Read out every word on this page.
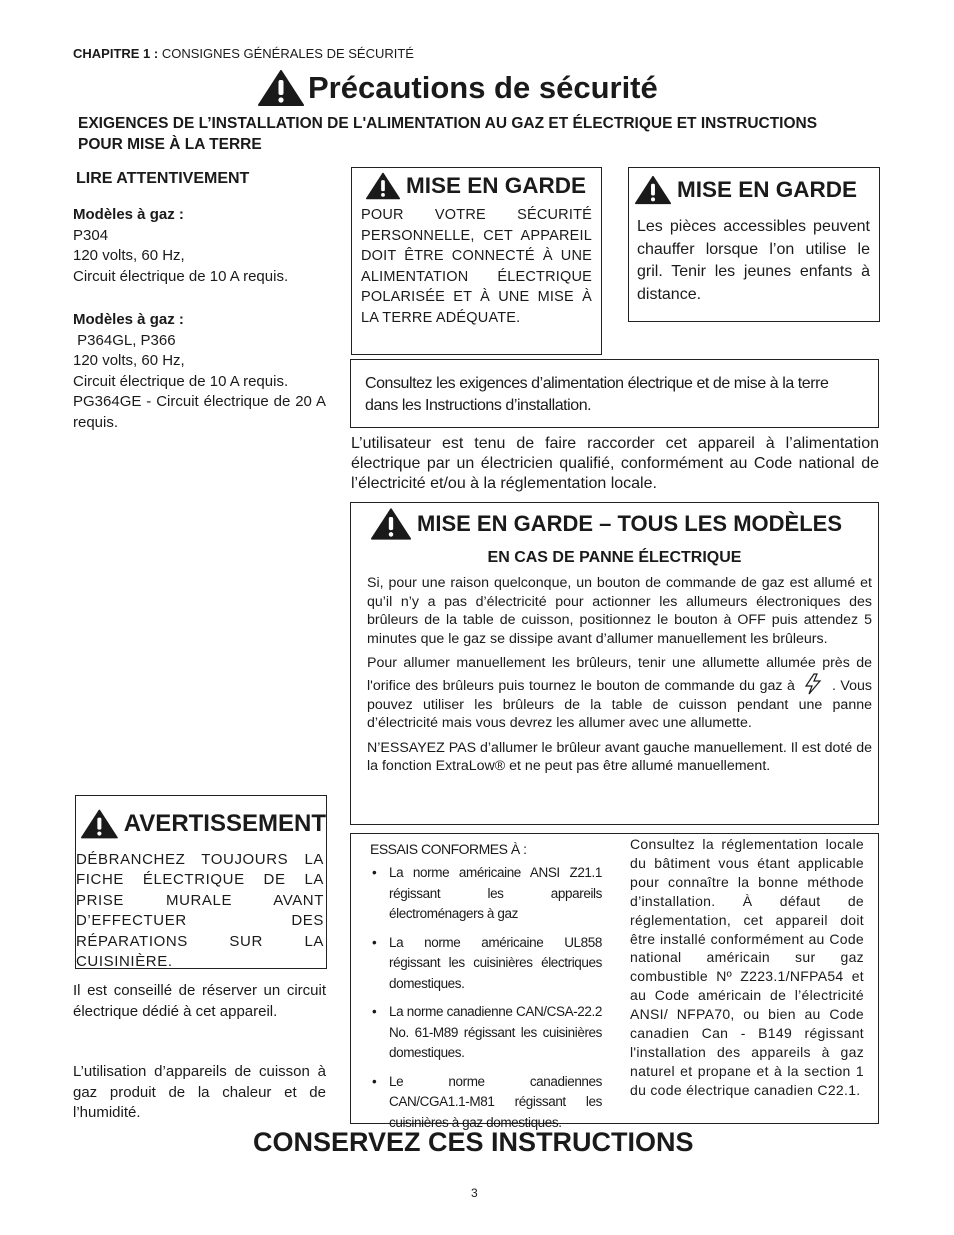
CHAPITRE 1 : CONSIGNES GÉNÉRALES DE SÉCURITÉ
Précautions de sécurité
EXIGENCES DE L’INSTALLATION DE L'ALIMENTATION AU GAZ ET ÉLECTRIQUE ET INSTRUCTIONS POUR MISE À LA TERRE
LIRE ATTENTIVEMENT
Modèles à gaz :
P304
120 volts, 60 Hz,
Circuit électrique de 10 A requis.
Modèles à gaz :
P364GL, P366
120 volts, 60 Hz,
Circuit électrique de 10 A requis.
PG364GE - Circuit électrique de 20 A requis.
AVERTISSEMENT
DÉBRANCHEZ TOUJOURS LA FICHE ÉLECTRIQUE DE LA PRISE MURALE AVANT D’EFFECTUER DES RÉPARATIONS SUR LA CUISINIÈRE.
Il est conseillé de réserver un circuit électrique dédié à cet appareil.
L’utilisation d’appareils de cuisson à gaz produit de la chaleur et de l’humidité.
MISE EN GARDE
POUR VOTRE SÉCURITÉ PERSONNELLE, CET APPAREIL DOIT ÊTRE CONNECTÉ À UNE ALIMENTATION ÉLECTRIQUE POLARISÉE ET À UNE MISE À LA TERRE ADÉQUATE.
MISE EN GARDE
Les pièces accessibles peuvent chauffer lorsque l’on utilise le gril. Tenir les jeunes enfants à distance.
Consultez les exigences d’alimentation électrique et de mise à la terre dans les Instructions d’installation.
L’utilisateur est tenu de faire raccorder cet appareil à l’alimentation électrique par un électricien qualifié, conformément au Code national de l’électricité et/ou à la réglementation locale.
MISE EN GARDE – TOUS LES MODÈLES
EN CAS DE PANNE ÉLECTRIQUE
Si, pour une raison quelconque, un bouton de commande de gaz est allumé et qu’il n’y a pas d’électricité pour actionner les allumeurs électroniques des brûleurs de la table de cuisson, positionnez le bouton à OFF puis attendez 5 minutes que le gaz se dissipe avant d’allumer manuellement les brûleurs.
Pour allumer manuellement les brûleurs, tenir une allumette allumée près de l'orifice des brûleurs puis tournez le bouton de commande du gaz à	. Vous pouvez utiliser les brûleurs de la table de cuisson pendant une panne d’électricité mais vous devrez les allumer avec une allumette.
N’ESSAYEZ PAS d’allumer le brûleur avant gauche manuellement. Il est doté de la fonction ExtraLow® et ne peut pas être allumé manuellement.
ESSAIS CONFORMES À :
• La norme américaine ANSI Z21.1 régissant les appareils électroménagers à gaz
• La norme américaine UL858 régissant les cuisinières électriques domestiques.
• La norme canadienne CAN/CSA-22.2 No. 61-M89 régissant les cuisinières domestiques.
• Le norme canadiennes CAN/CGA1.1-M81 régissant les cuisinières à gaz domestiques.
Consultez la réglementation locale du bâtiment vous étant applicable pour connaître la bonne méthode d’installation. À défaut de réglementation, cet appareil doit être installé conformément au Code national américain sur gaz combustible Nº Z223.1/NFPA54 et au Code américain de l’électricité ANSI/ NFPA70, ou bien au Code canadien Can - B149 régissant l'installation des appareils à gaz naturel et propane et à la section 1 du code électrique canadien C22.1.
CONSERVEZ CES INSTRUCTIONS
3
